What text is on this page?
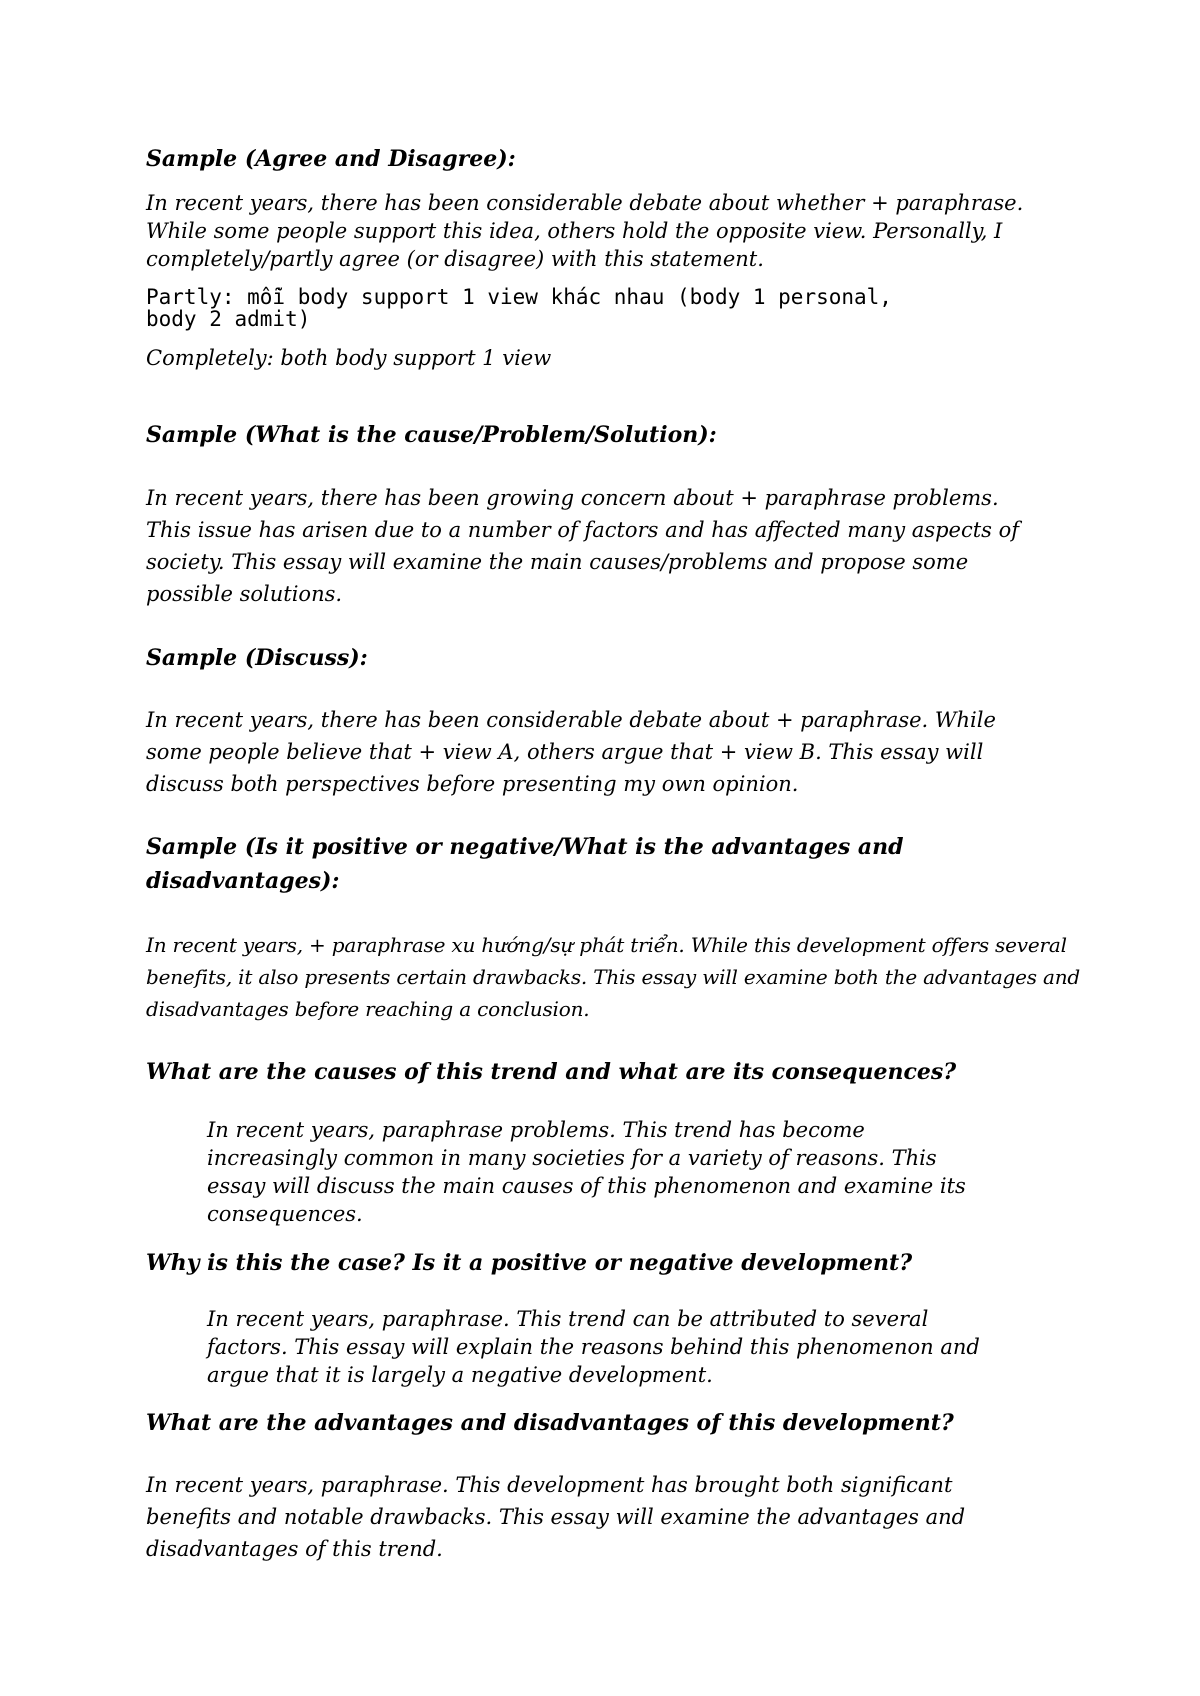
Sample (Agree and Disagree):
In recent years, there has been considerable debate about whether + paraphrase.
While some people support this idea, others hold the opposite view. Personally, I
completely/partly agree (or disagree) with this statement.
Partly: mỗi body support 1 view khác nhau (body 1 personal,
body 2 admit)
Completely: both body support 1 view
Sample (What is the cause/Problem/Solution):
In recent years, there has been growing concern about + paraphrase problems.
This issue has arisen due to a number of factors and has affected many aspects of
society. This essay will examine the main causes/problems and propose some
possible solutions.
Sample (Discuss):
In recent years, there has been considerable debate about + paraphrase. While
some people believe that + view A, others argue that + view B. This essay will
discuss both perspectives before presenting my own opinion.
Sample (Is it positive or negative/What is the advantages and
disadvantages):
In recent years, + paraphrase xu hướng/sự phát triển. While this development offers several
benefits, it also presents certain drawbacks. This essay will examine both the advantages and
disadvantages before reaching a conclusion.
What are the causes of this trend and what are its consequences?
In recent years, paraphrase problems. This trend has become
increasingly common in many societies for a variety of reasons. This
essay will discuss the main causes of this phenomenon and examine its
consequences.
Why is this the case? Is it a positive or negative development?
In recent years, paraphrase. This trend can be attributed to several
factors. This essay will explain the reasons behind this phenomenon and
argue that it is largely a negative development.
What are the advantages and disadvantages of this development?
In recent years, paraphrase. This development has brought both significant
benefits and notable drawbacks. This essay will examine the advantages and
disadvantages of this trend.
